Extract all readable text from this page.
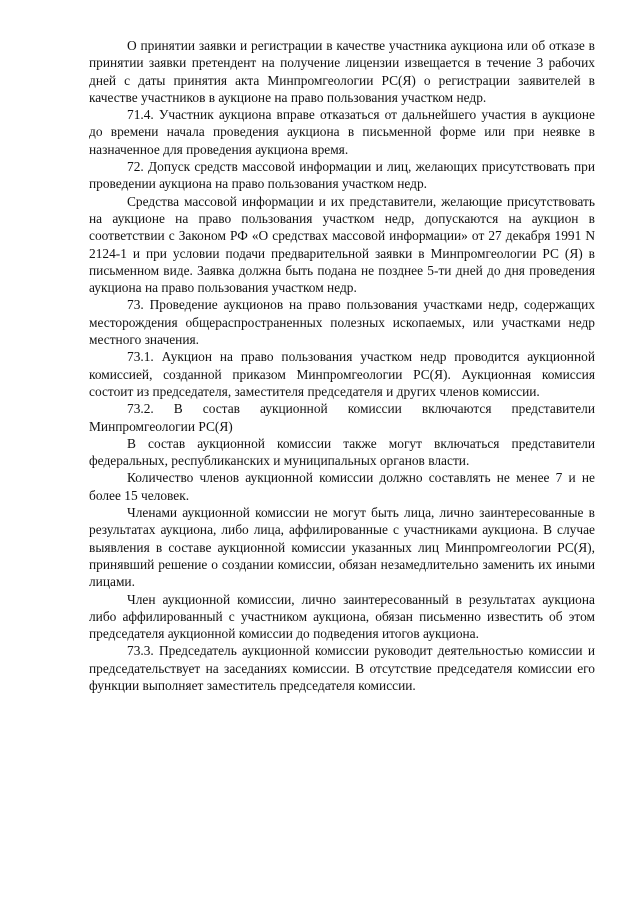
О принятии заявки и регистрации в качестве участника аукциона или об отказе в принятии заявки претендент на получение лицензии извещается в течение 3 рабочих дней с даты принятия акта Минпромгеологии РС(Я) о регистрации заявителей в качестве участников в аукционе на право пользования участком недр.

71.4. Участник аукциона вправе отказаться от дальнейшего участия в аукционе до времени начала проведения аукциона в письменной форме или при неявке в назначенное для проведения аукциона время.

72. Допуск средств массовой информации и лиц, желающих присутствовать при проведении аукциона на право пользования участком недр.

Средства массовой информации и их представители, желающие присутствовать на аукционе на право пользования участком недр, допускаются на аукцион в соответствии с Законом РФ «О средствах массовой информации» от 27 декабря 1991 N 2124-1 и при условии подачи предварительной заявки в Минпромгеологии РС (Я) в письменном виде. Заявка должна быть подана не позднее 5-ти дней до дня проведения аукциона на право пользования участком недр.

73. Проведение аукционов на право пользования участками недр, содержащих месторождения общераспространенных полезных ископаемых, или участками недр местного значения.

73.1. Аукцион на право пользования участком недр проводится аукционной комиссией, созданной приказом Минпромгеологии РС(Я). Аукционная комиссия состоит из председателя, заместителя председателя и других членов комиссии.

73.2. В состав аукционной комиссии включаются представители Минпромгеологии РС(Я)

В состав аукционной комиссии также могут включаться представители федеральных, республиканских и муниципальных органов власти.

Количество членов аукционной комиссии должно составлять не менее 7 и не более 15 человек.

Членами аукционной комиссии не могут быть лица, лично заинтересованные в результатах аукциона, либо лица, аффилированные с участниками аукциона. В случае выявления в составе аукционной комиссии указанных лиц Минпромгеологии РС(Я), принявший решение о создании комиссии, обязан незамедлительно заменить их иными лицами.

Член аукционной комиссии, лично заинтересованный в результатах аукциона либо аффилированный с участником аукциона, обязан письменно известить об этом председателя аукционной комиссии до подведения итогов аукциона.

73.3. Председатель аукционной комиссии руководит деятельностью комиссии и председательствует на заседаниях комиссии. В отсутствие председателя комиссии его функции выполняет заместитель председателя комиссии.
